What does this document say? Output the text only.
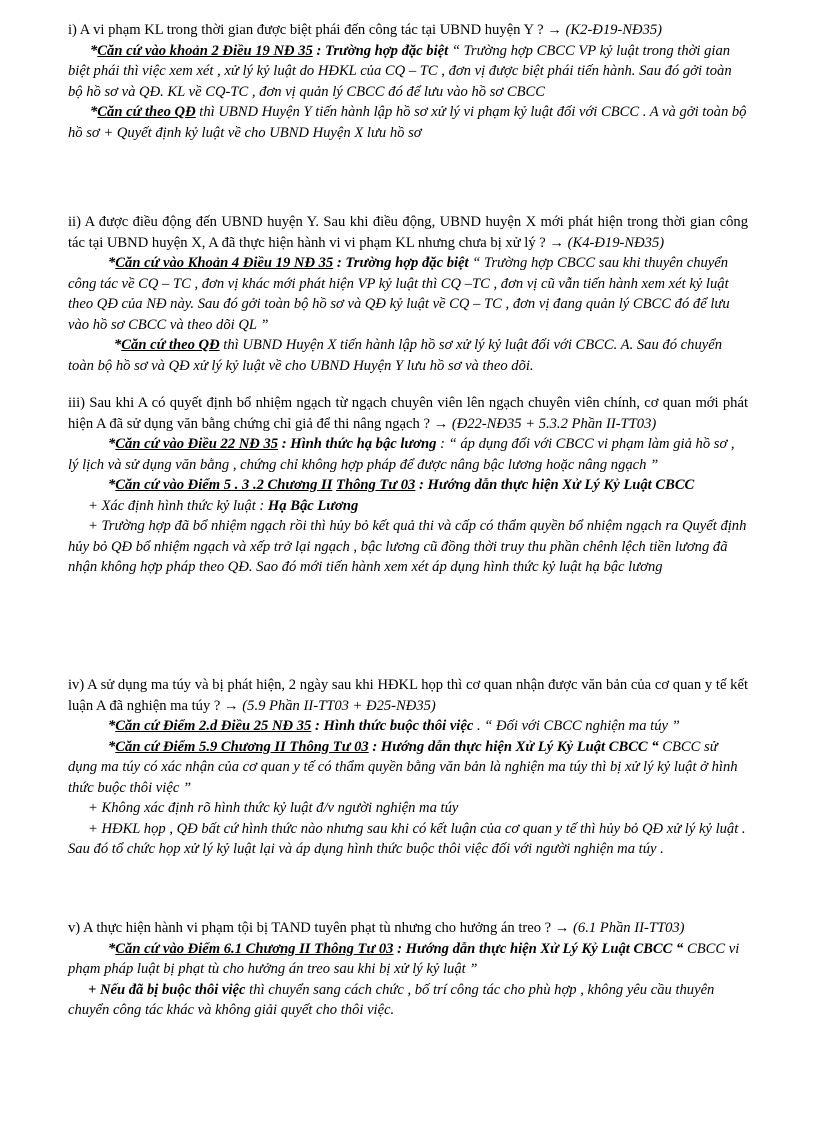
i) A vi phạm KL trong thời gian được biệt phái đến công tác tại UBND huyện Y ? → (K2-Đ19-NĐ35)
*Căn cứ vào khoản 2 Điều 19 NĐ 35 : Trường hợp đặc biệt “ Trường hợp CBCC VP kỷ luật trong thời gian biệt phái thì việc xem xét , xử lý kỷ luật do HĐKL của CQ – TC , đơn vị được biệt phái tiến hành. Sau đó gởi toàn bộ hồ sơ và QĐ. KL về CQ-TC , đơn vị quản lý CBCC đó để lưu vào hồ sơ CBCC
*Căn cứ theo QĐ thì UBND Huyện Y tiến hành lập hồ sơ xử lý vi phạm kỷ luật đối với CBCC . A và gởi toàn bộ hồ sơ + Quyết định kỷ luật về cho UBND Huyện X lưu hồ sơ
ii) A được điều động đến UBND huyện Y. Sau khi điều động, UBND huyện X mới phát hiện trong thời gian công tác tại UBND huyện X, A đã thực hiện hành vi vi phạm KL nhưng chưa bị xử lý ? → (K4-Đ19-NĐ35)
*Căn cứ vào Khoản 4 Điều 19 NĐ 35 : Trường hợp đặc biệt “ Trường hợp CBCC sau khi thuyên chuyển công tác về CQ – TC , đơn vị khác mới phát hiện VP kỷ luật thì CQ –TC , đơn vị cũ vẫn tiến hành xem xét kỷ luật theo QĐ của NĐ này. Sau đó gởi toàn bộ hồ sơ và QĐ kỷ luật về CQ – TC , đơn vị đang quản lý CBCC đó để lưu vào hồ sơ CBCC và theo dõi QL ”
*Căn cứ theo QĐ thì UBND Huyện X tiến hành lập hồ sơ xử lý kỷ luật đối với CBCC. A. Sau đó chuyển toàn bộ hồ sơ và QĐ xử lý kỷ luật về cho UBND Huyện Y lưu hồ sơ và theo dõi.
iii) Sau khi A có quyết định bổ nhiệm ngạch từ ngạch chuyên viên lên ngạch chuyên viên chính, cơ quan mới phát hiện A đã sử dụng văn bằng chứng chỉ giả để thi nâng ngạch ? → (Đ22-NĐ35 + 5.3.2 Phần II-TT03)
*Căn cứ vào Điều 22 NĐ 35 : Hình thức hạ bậc lương : “ áp dụng đối với CBCC vi phạm làm giả hồ sơ , lý lịch và sử dụng văn bằng , chứng chỉ không hợp pháp để được nâng bậc lương hoặc nâng ngạch ”
*Căn cứ vào Điểm 5 . 3 .2 Chương II Thông Tư 03 : Hướng dẫn thực hiện Xử Lý Kỷ Luật CBCC
+ Xác định hình thức kỷ luật : Hạ Bậc Lương
+ Trường hợp đã bổ nhiệm ngạch rồi thì hủy bỏ kết quả thi và cấp có thẩm quyền bổ nhiệm ngạch ra Quyết định hủy bỏ QĐ bổ nhiệm ngạch và xếp trở lại ngạch , bậc lương cũ đồng thời truy thu phần chênh lệch tiền lương đã nhận không hợp pháp theo QĐ. Sao đó mới tiến hành xem xét áp dụng hình thức kỷ luật hạ bậc lương
iv) A sử dụng ma túy và bị phát hiện, 2 ngày sau khi HĐKL họp thì cơ quan nhận được văn bản của cơ quan y tế kết luận A đã nghiện ma túy ? → (5.9 Phần II-TT03 + Đ25-NĐ35)
*Căn cứ Điểm 2.d Điều 25 NĐ 35 : Hình thức buộc thôi việc . “ Đối với CBCC nghiện ma túy ”
*Căn cứ Điểm 5.9 Chương II Thông Tư 03 : Hướng dẫn thực hiện Xử Lý Kỷ Luật CBCC “ CBCC sử dụng ma túy có xác nhận của cơ quan y tế có thẩm quyền bằng văn bản là nghiện ma túy thì bị xử lý kỷ luật ở hình thức buộc thôi việc ”
+ Không xác định rõ hình thức kỷ luật đ/v người nghiện ma túy
+ HĐKL họp , QĐ bất cứ hình thức nào nhưng sau khi có kết luận của cơ quan y tế thì hủy bỏ QĐ xử lý kỷ luật . Sau đó tổ chức họp xử lý kỷ luật lại và áp dụng hình thức buộc thôi việc đối với người nghiện ma túy .
v) A thực hiện hành vi phạm tội bị TAND tuyên phạt tù nhưng cho hưởng án treo ? → (6.1 Phần II-TT03)
*Căn cứ vào Điểm 6.1 Chương II Thông Tư 03 : Hướng dẫn thực hiện Xử Lý Kỷ Luật CBCC “ CBCC vi phạm pháp luật bị phạt tù cho hưởng án treo sau khi bị xử lý kỷ luật ”
+ Nếu đã bị buộc thôi việc thì chuyển sang cách chức , bố trí công tác cho phù hợp , không yêu cầu thuyên chuyển công tác khác và không giải quyết cho thôi việc.
